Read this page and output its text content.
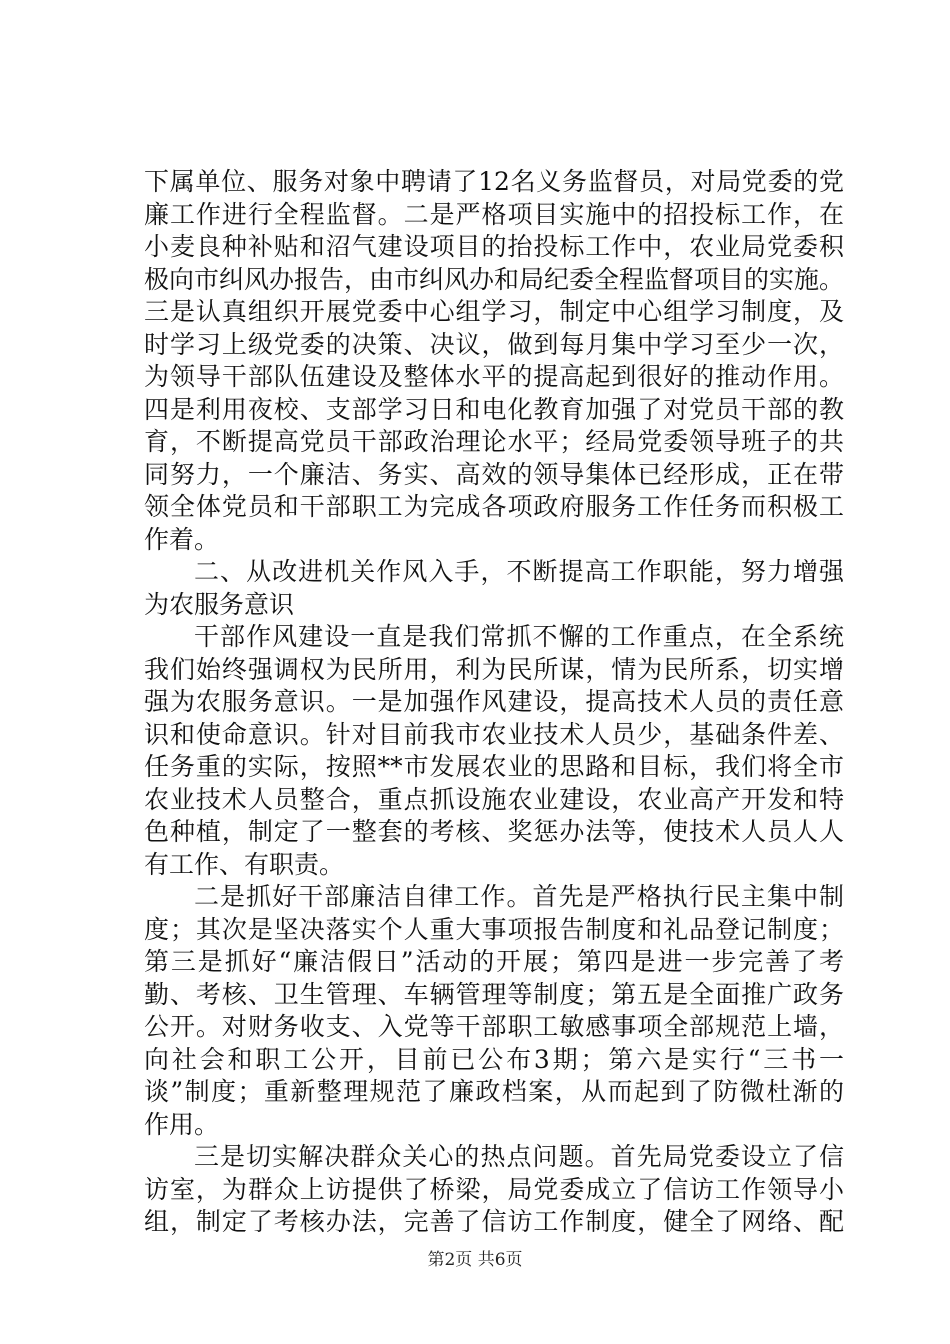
下属单位、服务对象中聘请了12名义务监督员，对局党委的党
廉工作进行全程监督。二是严格项目实施中的招投标工作，在
小麦良种补贴和沼气建设项目的抬投标工作中，农业局党委积
极向市纠风办报告，由市纠风办和局纪委全程监督项目的实施。
三是认真组织开展党委中心组学习，制定中心组学习制度，及
时学习上级党委的决策、决议，做到每月集中学习至少一次，
为领导干部队伍建设及整体水平的提高起到很好的推动作用。
四是利用夜校、支部学习日和电化教育加强了对党员干部的教
育，不断提高党员干部政治理论水平；经局党委领导班子的共
同努力，一个廉洁、务实、高效的领导集体已经形成，正在带
领全体党员和干部职工为完成各项政府服务工作任务而积极工
作着。
二、从改进机关作风入手，不断提高工作职能，努力增强
为农服务意识
干部作风建设一直是我们常抓不懈的工作重点，在全系统
我们始终强调权为民所用，利为民所谋，情为民所系，切实增
强为农服务意识。一是加强作风建设，提高技术人员的责任意
识和使命意识。针对目前我市农业技术人员少，基础条件差、
任务重的实际，按照**市发展农业的思路和目标，我们将全市
农业技术人员整合，重点抓设施农业建设，农业高产开发和特
色种植，制定了一整套的考核、奖惩办法等，使技术人员人人
有工作、有职责。
二是抓好干部廉洁自律工作。首先是严格执行民主集中制
度；其次是坚决落实个人重大事项报告制度和礼品登记制度；
第三是抓好“廉洁假日”活动的开展；第四是进一步完善了考
勤、考核、卫生管理、车辆管理等制度；第五是全面推广政务
公开。对财务收支、入党等干部职工敏感事项全部规范上墙，
向社会和职工公开，目前已公布3期；第六是实行“三书一
谈”制度；重新整理规范了廉政档案，从而起到了防微杜渐的
作用。
三是切实解决群众关心的热点问题。首先局党委设立了信
访室，为群众上访提供了桥梁，局党委成立了信访工作领导小
组，制定了考核办法，完善了信访工作制度，健全了网络、配
第2页 共6页
